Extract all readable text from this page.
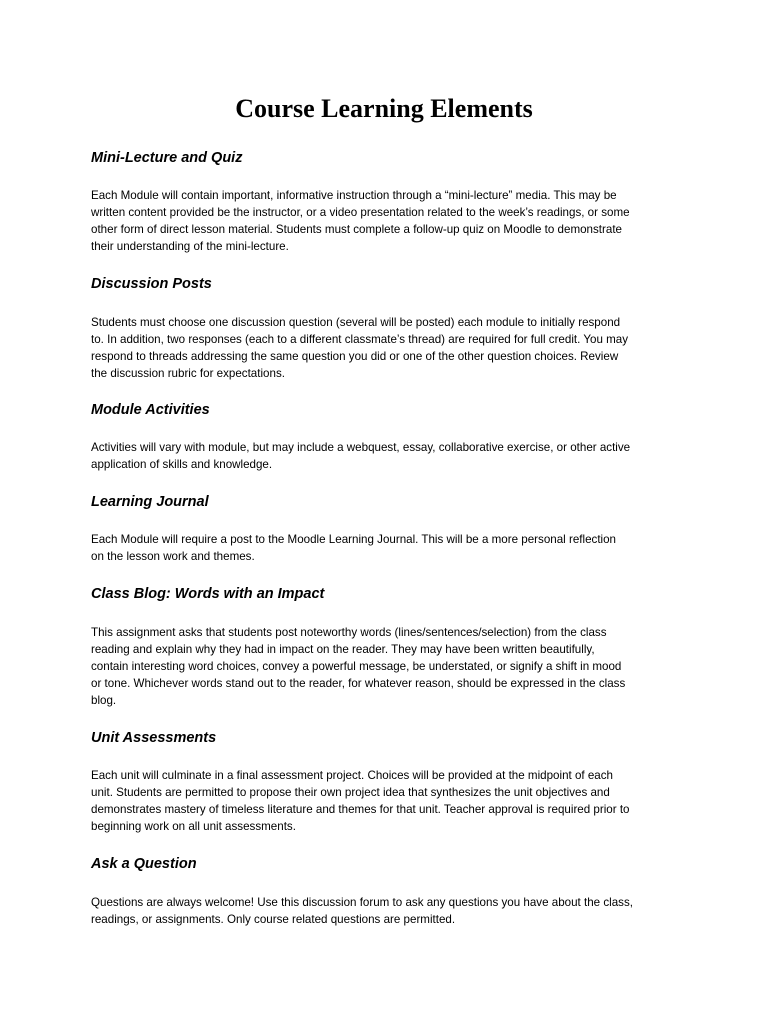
Course Learning Elements
Mini-Lecture and Quiz
Each Module will contain important, informative instruction through a “mini-lecture” media. This may be
written content provided be the instructor, or a video presentation related to the week’s readings, or some
other form of direct lesson material. Students must complete a follow-up quiz on Moodle to demonstrate
their understanding of the mini-lecture.
Discussion Posts
Students must choose one discussion question (several will be posted) each module to initially respond
to. In addition, two responses (each to a different classmate’s thread) are required for full credit. You may
respond to threads addressing the same question you did or one of the other question choices. Review
the discussion rubric for expectations.
Module Activities
Activities will vary with module, but may include a webquest, essay, collaborative exercise, or other active
application of skills and knowledge.
Learning Journal
Each Module will require a post to the Moodle Learning Journal. This will be a more personal reflection
on the lesson work and themes.
Class Blog: Words with an Impact
This assignment asks that students post noteworthy words (lines/sentences/selection) from the class
reading and explain why they had in impact on the reader. They may have been written beautifully,
contain interesting word choices, convey a powerful message, be understated, or signify a shift in mood
or tone. Whichever words stand out to the reader, for whatever reason, should be expressed in the class
blog.
Unit Assessments
Each unit will culminate in a final assessment project. Choices will be provided at the midpoint of each
unit. Students are permitted to propose their own project idea that synthesizes the unit objectives and
demonstrates mastery of timeless literature and themes for that unit. Teacher approval is required prior to
beginning work on all unit assessments.
Ask a Question
Questions are always welcome! Use this discussion forum to ask any questions you have about the class,
readings, or assignments. Only course related questions are permitted.
